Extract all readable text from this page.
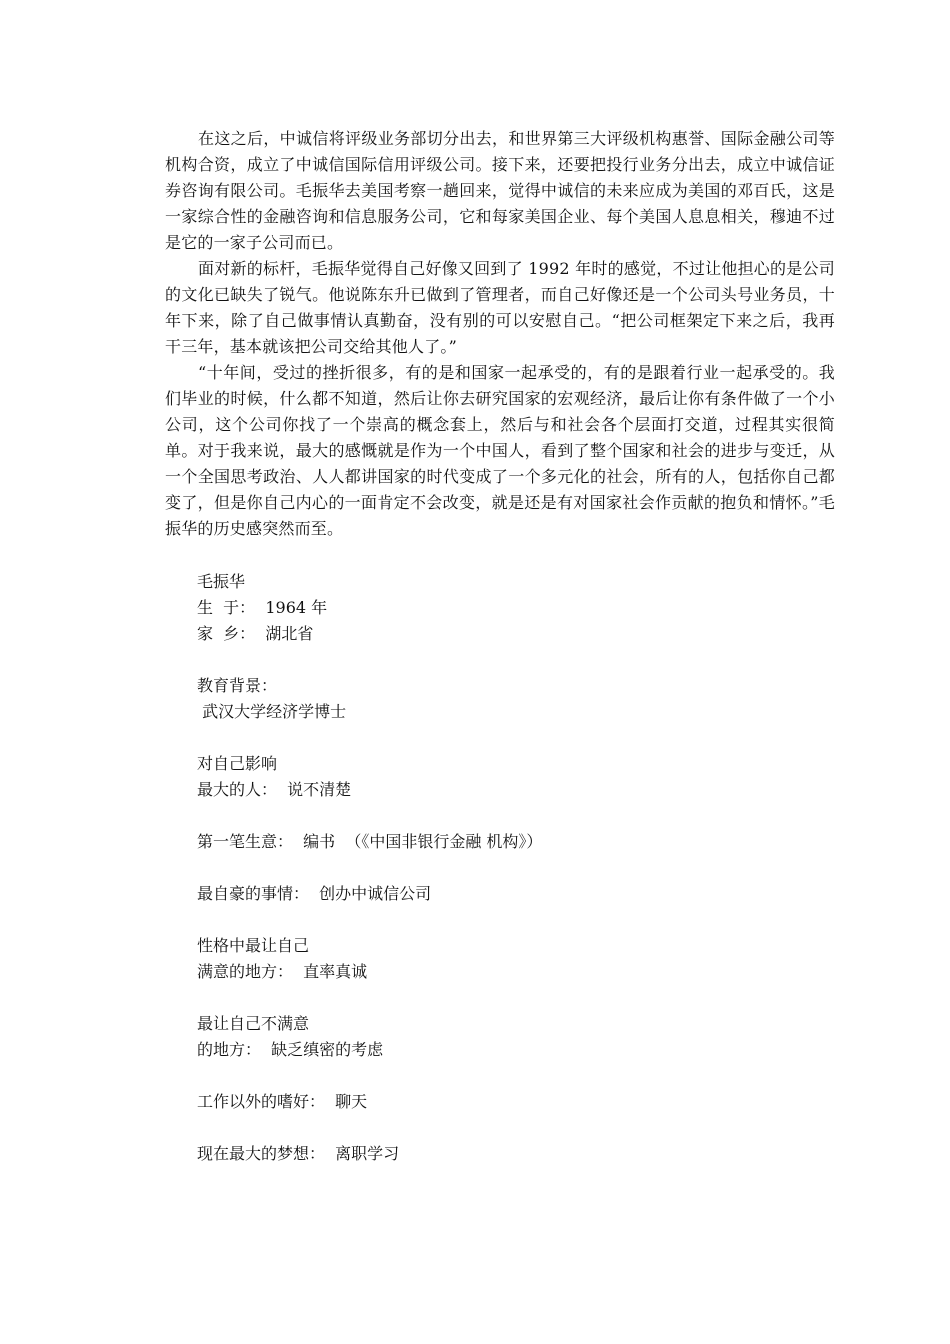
在这之后，中诚信将评级业务部切分出去，和世界第三大评级机构惠誉、国际金融公司等机构合资，成立了中诚信国际信用评级公司。接下来，还要把投行业务分出去，成立中诚信证券咨询有限公司。毛振华去美国考察一趟回来，觉得中诚信的未来应成为美国的邓百氏，这是一家综合性的金融咨询和信息服务公司，它和每家美国企业、每个美国人息息相关，穆迪不过是它的一家子公司而已。

面对新的标杆，毛振华觉得自己好像又回到了 1992 年时的感觉，不过让他担心的是公司的文化已缺失了锐气。他说陈东升已做到了管理者，而自己好像还是一个公司头号业务员，十年下来，除了自己做事情认真勤奋，没有别的可以安慰自己。“把公司框架定下来之后，我再干三年，基本就该把公司交给其他人了。”

“十年间，受过的挫折很多，有的是和国家一起承受的，有的是跟着行业一起承受的。我们毕业的时候，什么都不知道，然后让你去研究国家的宏观经济，最后让你有条件做了一个小公司，这个公司你找了一个崇高的概念套上，然后与和社会各个层面打交道，过程其实很简单。对于我来说，最大的感慨就是作为一个中国人，看到了整个国家和社会的进步与变迁，从一个全国思考政治、人人都讲国家的时代变成了一个多元化的社会，所有的人，包括你自己都变了，但是你自己内心的一面肯定不会改变，就是还是有对国家社会作贡献的抱负和情怀。”毛振华的历史感突然而至。

毛振华

生  于：  1964 年

家  乡：  湖北省

教育背景：

武汉大学经济学博士

对自己影响

最大的人：  说不清楚

第一笔生意：  编书  （《中国非银行金融 机构》）

最自豪的事情：  创办中诚信公司

性格中最让自己

满意的地方：  直率真诚

最让自己不满意

的地方：  缺乏缜密的考虑

工作以外的嗜好：  聊天

现在最大的梦想：  离职学习
